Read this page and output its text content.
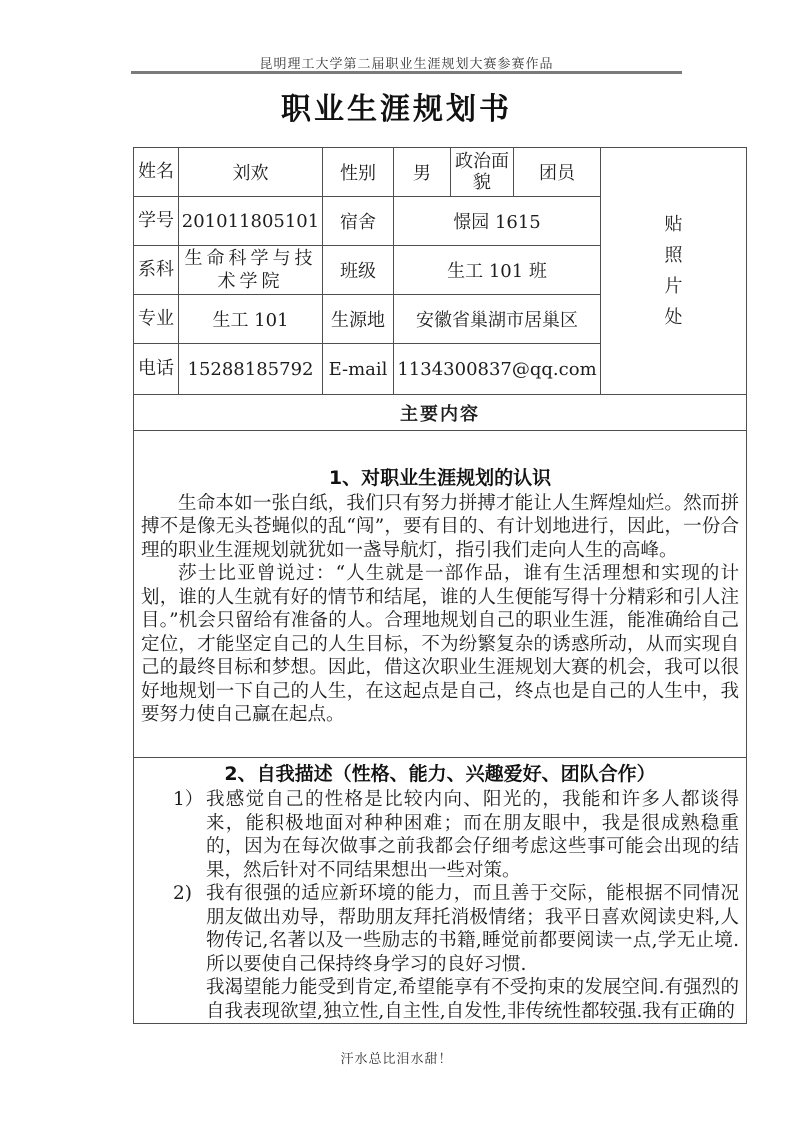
昆明理工大学第二届职业生涯规划大赛参赛作品
职业生涯规划书
姓名	刘欢	性别	男	政治面貌	团员	贴照片处

学号	201011805101	宿舍	憬园 1615			
系科	生命科学与技术学院	班级	生工 101 班			
专业	生工 101	生源地	安徽省巢湖市居巢区			
电话	15288185792	E-mail	1134300837@qq.com			
主要内容						

1、对职业生涯规划的认识

生命本如一张白纸，我们只有努力拼搏才能让人生辉煌灿烂。然而拼搏不是像无头苍蝇似的乱“闯”，要有目的、有计划地进行，因此，一份合理的职业生涯规划就犹如一盏导航灯，指引我们走向人生的高峰。

莎士比亚曾说过：“人生就是一部作品，谁有生活理想和实现的计划，谁的人生就有好的情节和结尾，谁的人生便能写得十分精彩和引人注目。”机会只留给有准备的人。合理地规划自己的职业生涯，能准确给自己定位，才能坚定自己的人生目标，不为纷繁复杂的诱惑所动，从而实现自己的最终目标和梦想。因此，借这次职业生涯规划大赛的机会，我可以很好地规划一下自己的人生，在这起点是自己，终点也是自己的人生中，我要努力使自己赢在起点。						

2、自我描述（性格、能力、兴趣爱好、团队合作）
1） 我感觉自己的性格是比较内向、阳光的，我能和许多人都谈得来，能积极地面对种种困难；而在朋友眼中，我是很成熟稳重的，因为在每次做事之前我都会仔细考虑这些事可能会出现的结果，然后针对不同结果想出一些对策。
2) 我有很强的适应新环境的能力，而且善于交际，能根据不同情况朋友做出劝导，帮助朋友拜托消极情绪；我平日喜欢阅读史料,人物传记,名著以及一些励志的书籍,睡觉前都要阅读一点,学无止境.所以要使自己保持终身学习的良好习惯.
我渴望能力能受到肯定,希望能享有不受拘束的发展空间.有强烈的自我表现欲望,独立性,自主性,自发性,非传统性都较强.我有正确的
汗水总比泪水甜！
